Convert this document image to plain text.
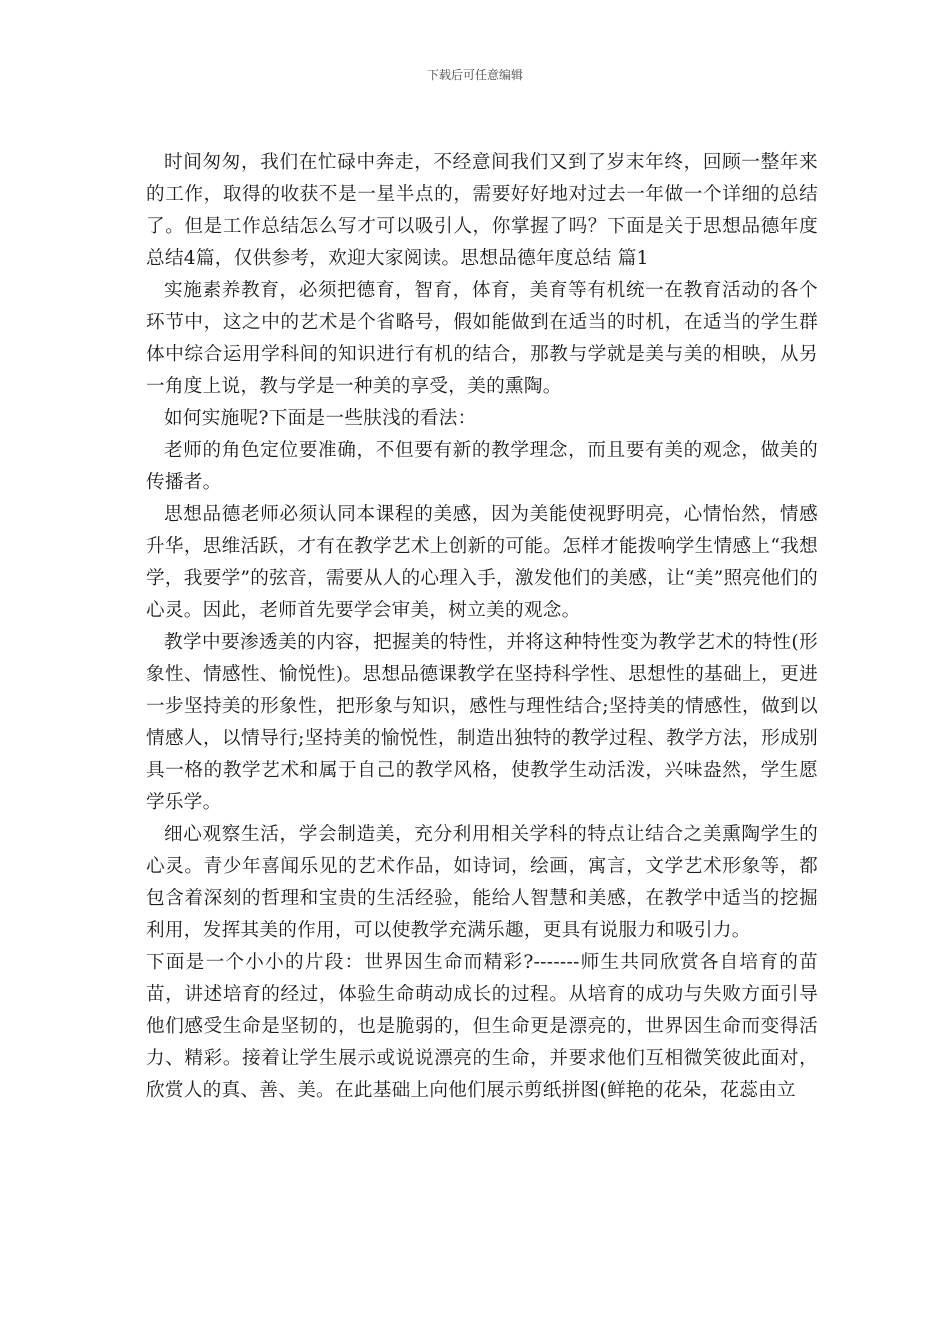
下载后可任意编辑

时间匆匆，我们在忙碌中奔走，不经意间我们又到了岁末年终，回顾一整年来的工作，取得的收获不是一星半点的，需要好好地对过去一年做一个详细的总结了。但是工作总结怎么写才可以吸引人，你掌握了吗？下面是关于思想品德年度总结4篇，仅供参考，欢迎大家阅读。思想品德年度总结 篇1

实施素养教育，必须把德育，智育，体育，美育等有机统一在教育活动的各个环节中，这之中的艺术是个省略号，假如能做到在适当的时机，在适当的学生群体中综合运用学科间的知识进行有机的结合，那教与学就是美与美的相映，从另一角度上说，教与学是一种美的享受，美的熏陶。

如何实施呢?下面是一些肤浅的看法：

老师的角色定位要准确，不但要有新的教学理念，而且要有美的观念，做美的传播者。

思想品德老师必须认同本课程的美感，因为美能使视野明亮，心情怡然，情感升华，思维活跃，才有在教学艺术上创新的可能。怎样才能拨响学生情感上“我想学，我要学”的弦音，需要从人的心理入手，激发他们的美感，让“美”照亮他们的心灵。因此，老师首先要学会审美，树立美的观念。

教学中要渗透美的内容，把握美的特性，并将这种特性变为教学艺术的特性(形象性、情感性、愉悦性)。思想品德课教学在坚持科学性、思想性的基础上，更进一步坚持美的形象性，把形象与知识，感性与理性结合;坚持美的情感性，做到以情感人，以情导行;坚持美的愉悦性，制造出独特的教学过程、教学方法，形成别具一格的教学艺术和属于自己的教学风格，使教学生动活泼，兴味盎然，学生愿学乐学。

细心观察生活，学会制造美，充分利用相关学科的特点让结合之美熏陶学生的心灵。青少年喜闻乐见的艺术作品，如诗词，绘画，寓言，文学艺术形象等，都包含着深刻的哲理和宝贵的生活经验，能给人智慧和美感，在教学中适当的挖掘利用，发挥其美的作用，可以使教学充满乐趣，更具有说服力和吸引力。

下面是一个小小的片段：世界因生命而精彩?-------师生共同欣赏各自培育的苗苗，讲述培育的经过，体验生命萌动成长的过程。从培育的成功与失败方面引导他们感受生命是坚韧的，也是脆弱的，但生命更是漂亮的，世界因生命而变得活力、精彩。接着让学生展示或说说漂亮的生命，并要求他们互相微笑彼此面对，欣赏人的真、善、美。在此基础上向他们展示剪纸拼图(鲜艳的花朵，花蕊由立
